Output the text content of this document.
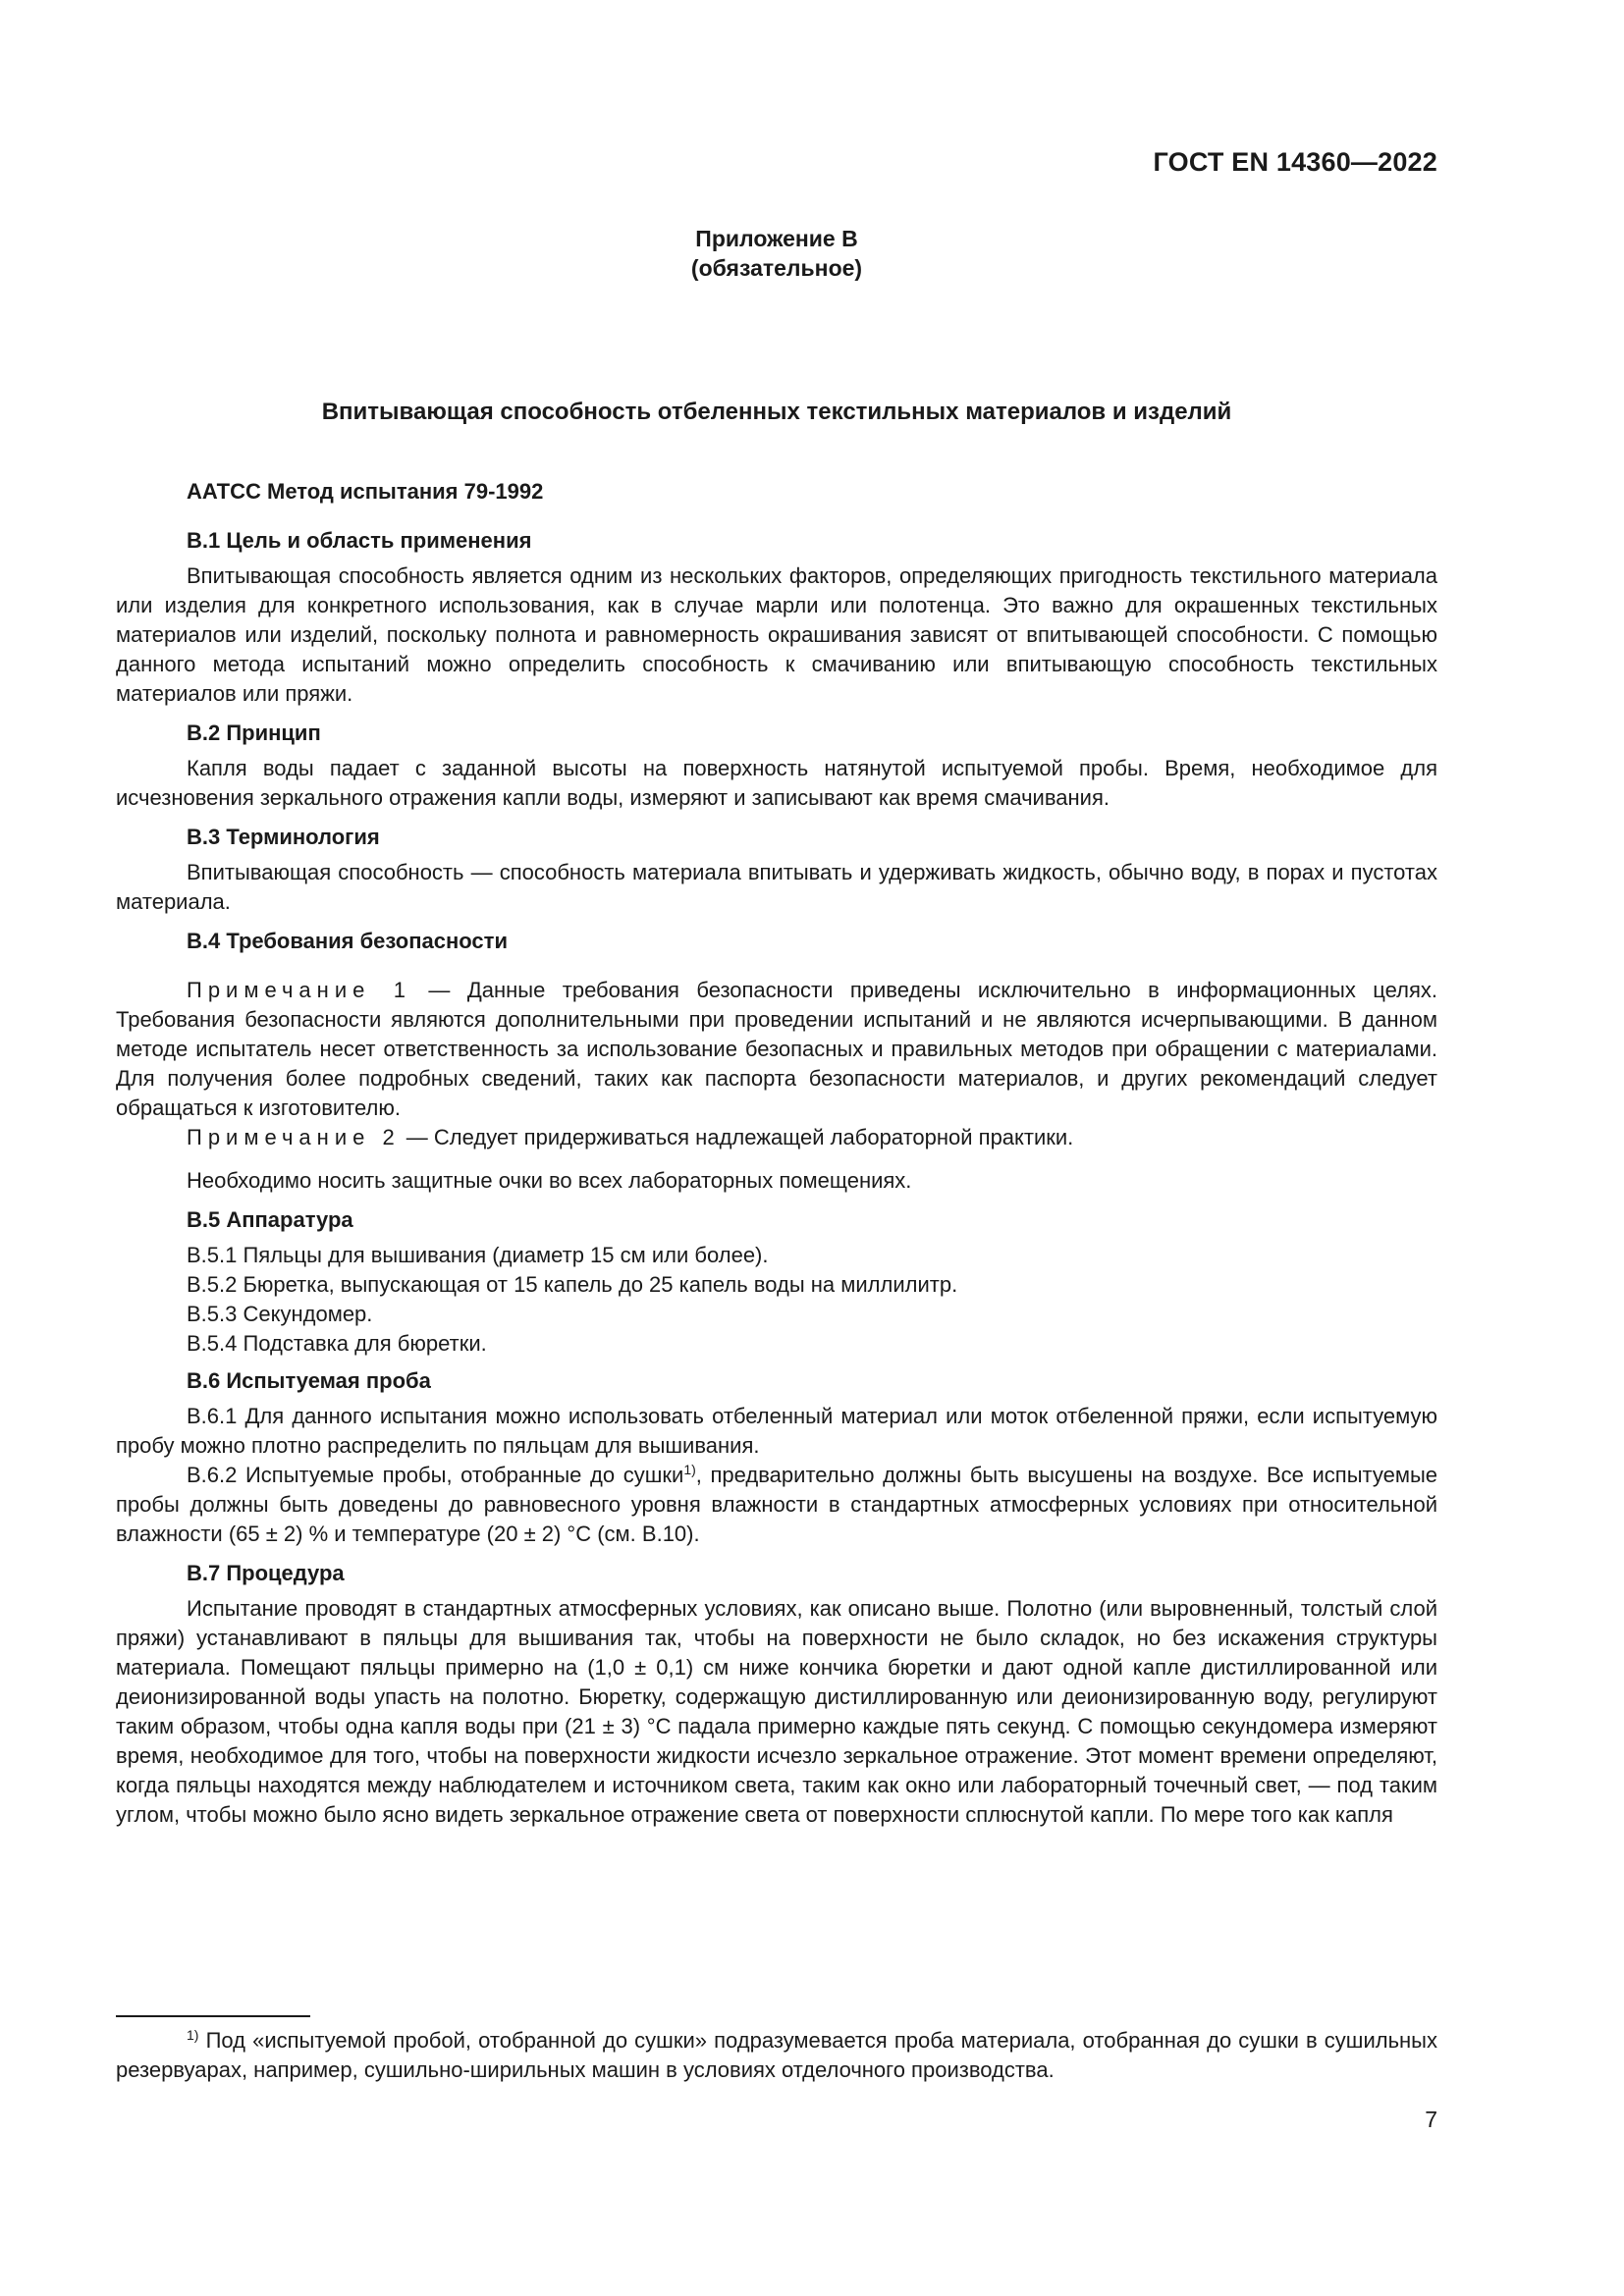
ГОСТ EN 14360—2022
Приложение B
(обязательное)
Впитывающая способность отбеленных текстильных материалов и изделий
ААТСС Метод испытания 79-1992
B.1 Цель и область применения
Впитывающая способность является одним из нескольких факторов, определяющих пригодность текстильного материала или изделия для конкретного использования, как в случае марли или полотенца. Это важно для окрашенных текстильных материалов или изделий, поскольку полнота и равномерность окрашивания зависят от впитывающей способности. С помощью данного метода испытаний можно определить способность к смачиванию или впитывающую способность текстильных материалов или пряжи.
B.2 Принцип
Капля воды падает с заданной высоты на поверхность натянутой испытуемой пробы. Время, необходимое для исчезновения зеркального отражения капли воды, измеряют и записывают как время смачивания.
B.3 Терминология
Впитывающая способность — способность материала впитывать и удерживать жидкость, обычно воду, в порах и пустотах материала.
B.4 Требования безопасности
Примечание 1 — Данные требования безопасности приведены исключительно в информационных целях. Требования безопасности являются дополнительными при проведении испытаний и не являются исчерпывающими. В данном методе испытатель несет ответственность за использование безопасных и правильных методов при обращении с материалами. Для получения более подробных сведений, таких как паспорта безопасности материалов, и других рекомендаций следует обращаться к изготовителю.
Примечание 2 — Следует придерживаться надлежащей лабораторной практики.
Необходимо носить защитные очки во всех лабораторных помещениях.
B.5 Аппаратура
B.5.1 Пяльцы для вышивания (диаметр 15 см или более).
B.5.2 Бюретка, выпускающая от 15 капель до 25 капель воды на миллилитр.
B.5.3 Секундомер.
B.5.4 Подставка для бюретки.
B.6 Испытуемая проба
B.6.1 Для данного испытания можно использовать отбеленный материал или моток отбеленной пряжи, если испытуемую пробу можно плотно распределить по пяльцам для вышивания.
B.6.2 Испытуемые пробы, отобранные до сушки$^{1)}$, предварительно должны быть высушены на воздухе. Все испытуемые пробы должны быть доведены до равновесного уровня влажности в стандартных атмосферных условиях при относительной влажности (65 ± 2) % и температуре (20 ± 2) °С (см. B.10).
B.7 Процедура
Испытание проводят в стандартных атмосферных условиях, как описано выше. Полотно (или выровненный, толстый слой пряжи) устанавливают в пяльцы для вышивания так, чтобы на поверхности не было складок, но без искажения структуры материала. Помещают пяльцы примерно на (1,0 ± 0,1) см ниже кончика бюретки и дают одной капле дистиллированной или деионизированной воды упасть на полотно. Бюретку, содержащую дистиллированную или деионизированную воду, регулируют таким образом, чтобы одна капля воды при (21 ± 3) °С падала примерно каждые пять секунд. С помощью секундомера измеряют время, необходимое для того, чтобы на поверхности жидкости исчезло зеркальное отражение. Этот момент времени определяют, когда пяльцы находятся между наблюдателем и источником света, таким как окно или лабораторный точечный свет, — под таким углом, чтобы можно было ясно видеть зеркальное отражение света от поверхности сплюснутой капли. По мере того как капля
$^{1)}$ Под «испытуемой пробой, отобранной до сушки» подразумевается проба материала, отобранная до сушки в сушильных резервуарах, например, сушильно-ширильных машин в условиях отделочного производства.
7
